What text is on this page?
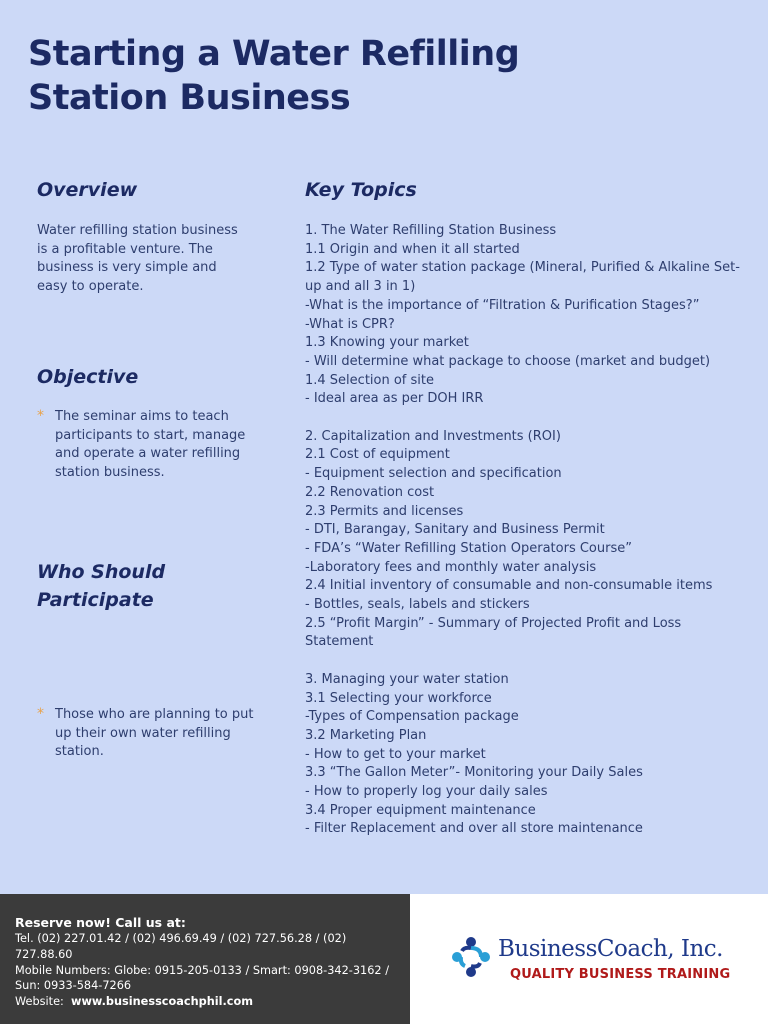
Starting a Water Refilling
Station Business
Overview
Water refilling station business is a profitable venture. The business is very simple and easy to operate.
Objective
* The seminar aims to teach participants to start, manage and operate a water refilling station business.
Who Should
Participate
* Those who are planning to put up their own water refilling station.
Key Topics
1. The Water Refilling Station Business
1.1 Origin and when it all started
1.2 Type of water station package (Mineral, Purified & Alkaline Set-up and all 3 in 1)
-What is the importance of “Filtration & Purification Stages?”
-What is CPR?
1.3 Knowing your market
- Will determine what package to choose (market and budget)
1.4 Selection of site
- Ideal area as per DOH IRR
2. Capitalization and Investments (ROI)
2.1 Cost of equipment
- Equipment selection and specification
2.2 Renovation cost
2.3 Permits and licenses
- DTI, Barangay, Sanitary and Business Permit
- FDA’s “Water Refilling Station Operators Course”
-Laboratory fees and monthly water analysis
2.4 Initial inventory of consumable and non-consumable items
- Bottles, seals, labels and stickers
2.5 “Profit Margin” - Summary of Projected Profit and Loss Statement
3. Managing your water station
3.1 Selecting your workforce
-Types of Compensation package
3.2 Marketing Plan
- How to get to your market
3.3 “The Gallon Meter”- Monitoring your Daily Sales
- How to properly log your daily sales
3.4 Proper equipment maintenance
- Filter Replacement and over all store maintenance
Reserve now! Call us at:
Tel. (02) 227.01.42 / (02) 496.69.49 / (02) 727.56.28 / (02) 727.88.60
Mobile Numbers: Globe: 0915-205-0133 / Smart: 0908-342-3162 / Sun: 0933-584-7266
Website: www.businesscoachphil.com
BusinessCoach, Inc.
QUALITY BUSINESS TRAINING
